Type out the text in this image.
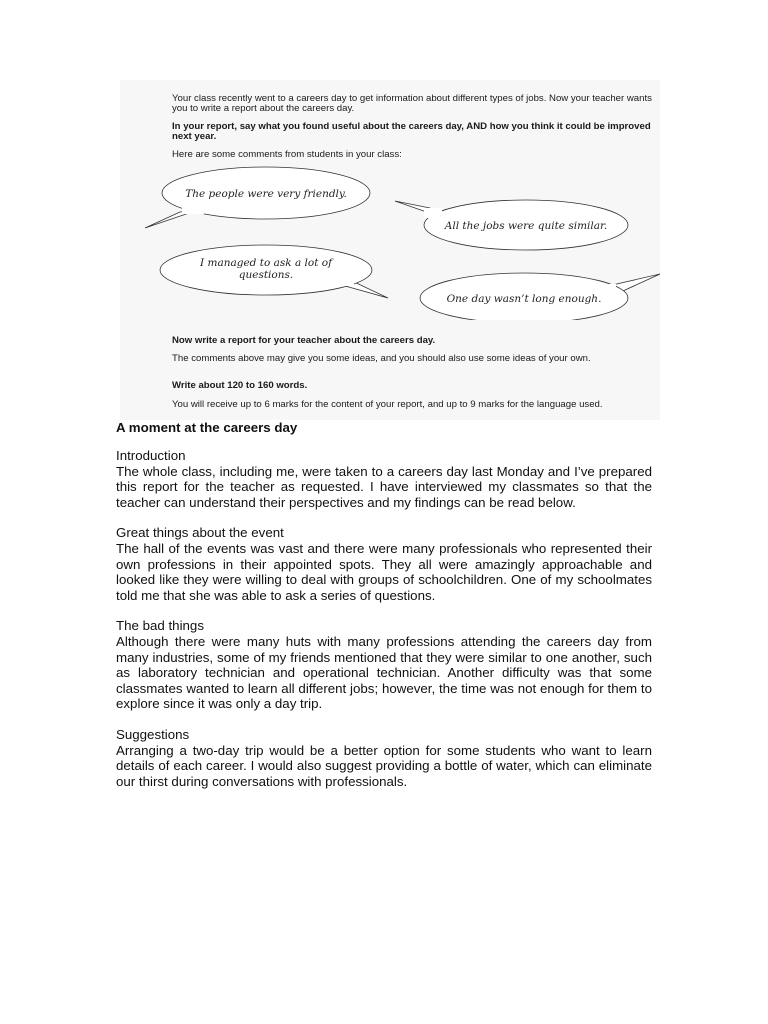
Your class recently went to a careers day to get information about different types of jobs. Now your teacher wants you to write a report about the careers day.

In your report, say what you found useful about the careers day, AND how you think it could be improved next year.

Here are some comments from students in your class:

The people were very friendly.
All the jobs were quite similar.
I managed to ask a lot of
questions.
One day wasn’t long enough.

Now write a report for your teacher about the careers day.

The comments above may give you some ideas, and you should also use some ideas of your own.

Write about 120 to 160 words.

You will receive up to 6 marks for the content of your report, and up to 9 marks for the language used.

A moment at the careers day

Introduction

The whole class, including me, were taken to a careers day last Monday and I’ve prepared this report for the teacher as requested. I have interviewed my classmates so that the teacher can understand their perspectives and my findings can be read below.

Great things about the event

The hall of the events was vast and there were many professionals who represented their own professions in their appointed spots. They all were amazingly approachable and looked like they were willing to deal with groups of schoolchildren. One of my schoolmates told me that she was able to ask a series of questions.

The bad things

Although there were many huts with many professions attending the careers day from many industries, some of my friends mentioned that they were similar to one another, such as laboratory technician and operational technician. Another difficulty was that some classmates wanted to learn all different jobs; however, the time was not enough for them to explore since it was only a day trip.

Suggestions

Arranging a two-day trip would be a better option for some students who want to learn details of each career. I would also suggest providing a bottle of water, which can eliminate our thirst during conversations with professionals.
